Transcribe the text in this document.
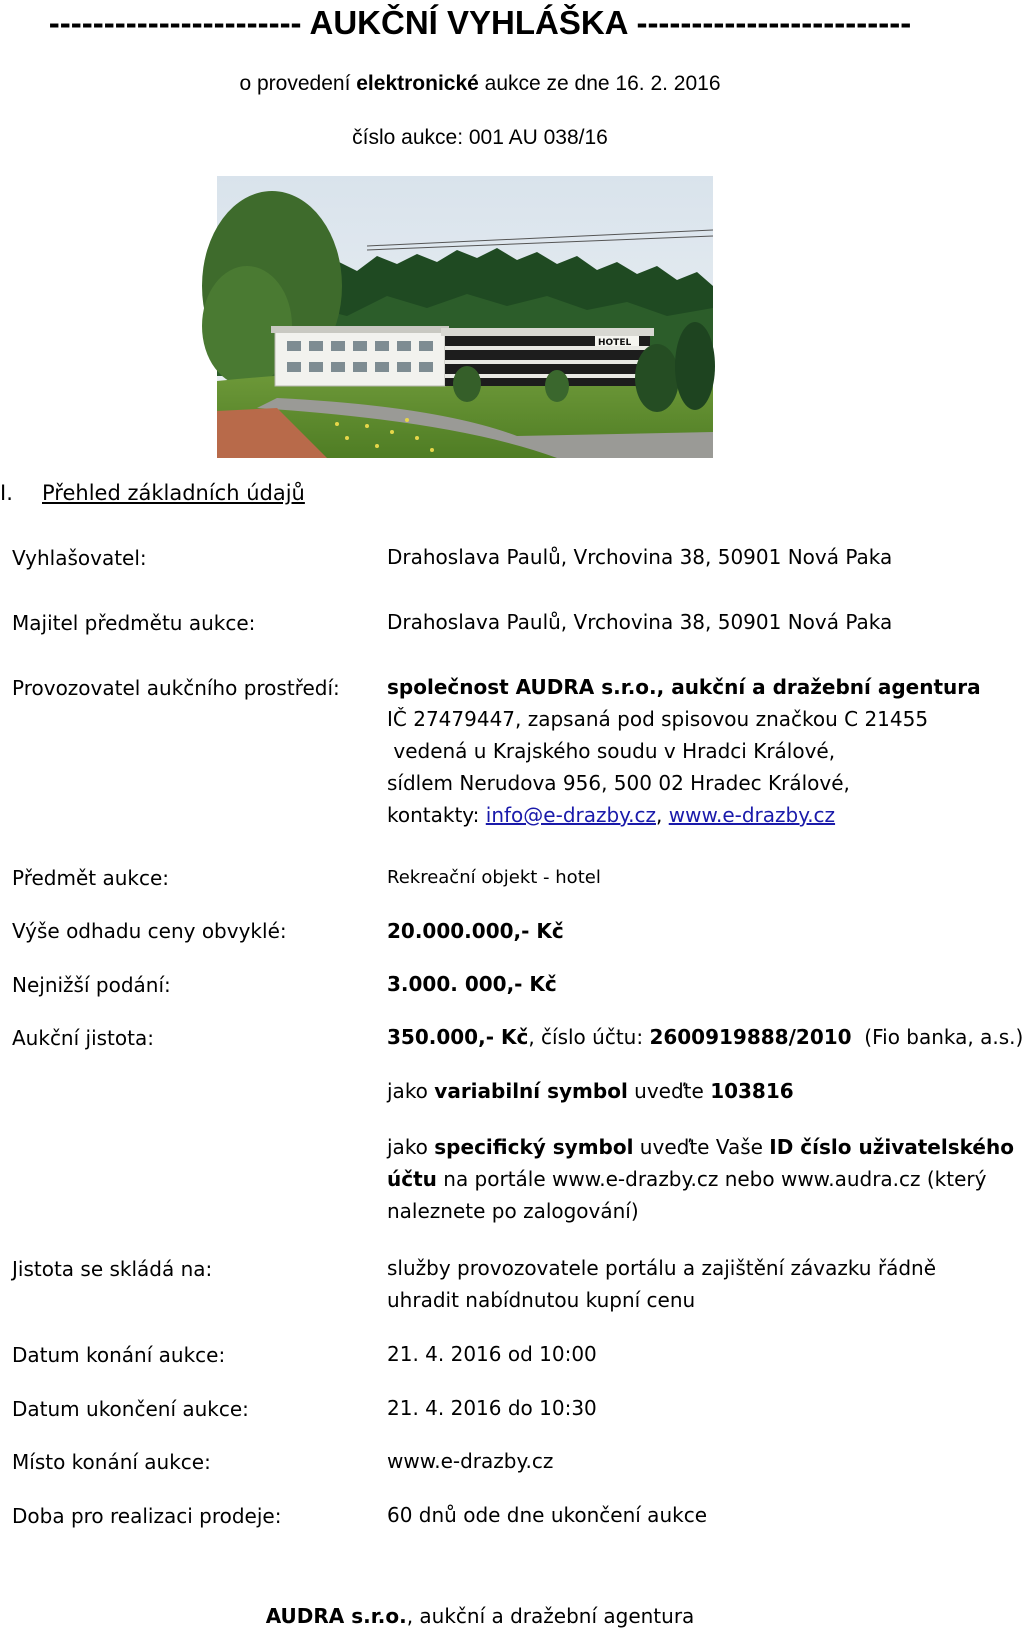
----------------------- AUKČNÍ VYHLÁŠKA -------------------------
o provedení elektronické aukce ze dne 16. 2. 2016
číslo aukce: 001 AU 038/16
HOTEL
I. Přehled základních údajů
Vyhlašovatel:	Drahoslava Paulů, Vrchovina 38, 50901 Nová Paka
Majitel předmětu aukce:	Drahoslava Paulů, Vrchovina 38, 50901 Nová Paka
Provozovatel aukčního prostředí: společnost AUDRA s.r.o., aukční a dražební agentura
IČ 27479447, zapsaná pod spisovou značkou C 21455
vedená u Krajského soudu v Hradci Králové,
sídlem Nerudova 956, 500 02 Hradec Králové,
kontakty: info@e-drazby.cz, www.e-drazby.cz
Předmět aukce:	Rekreační objekt - hotel
Výše odhadu ceny obvyklé:	20.000.000,- Kč
Nejnižší podání:	3.000. 000,- Kč
Aukční jistota:	350.000,- Kč, číslo účtu: 2600919888/2010  (Fio banka, a.s.)
jako variabilní symbol uveďte 103816
jako specifický symbol uveďte Vaše ID číslo uživatelského
účtu na portále www.e-drazby.cz nebo www.audra.cz (který
naleznete po zalogování)
Jistota se skládá na:	služby provozovatele portálu a zajištění závazku řádně
uhradit nabídnutou kupní cenu
Datum konání aukce:	21. 4. 2016 od 10:00
Datum ukončení aukce:	21. 4. 2016 do 10:30
Místo konání aukce:	www.e-drazby.cz
Doba pro realizaci prodeje:	60 dnů ode dne ukončení aukce
AUDRA s.r.o., aukční a dražební agentura
